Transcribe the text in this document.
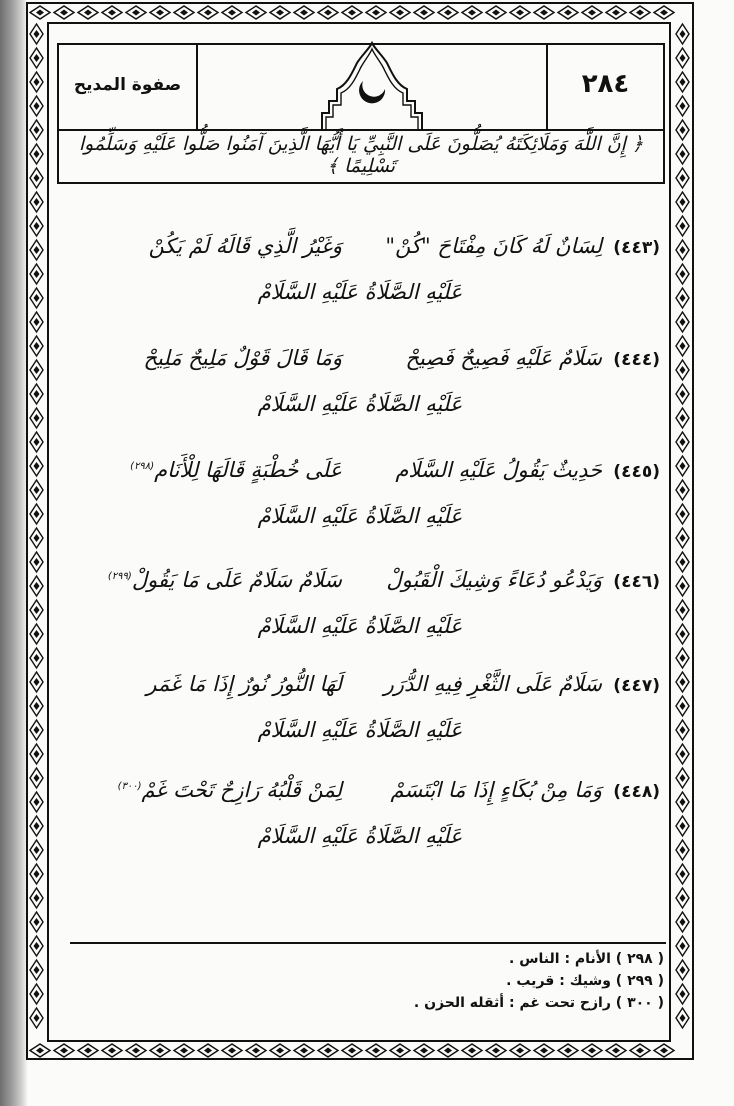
صفوة المديح	٢٨٤
﴿ إِنَّ اللَّهَ وَمَلَائِكَتَهُ يُصَلُّونَ عَلَى النَّبِيِّ يَا أَيُّهَا الَّذِينَ آمَنُوا صَلُّوا عَلَيْهِ وَسَلِّمُوا تَسْلِيمًا ﴾
(٤٤٣)
لِسَانٌ لَهُ كَانَ مِفْتَاحَ "كُنْ"
وَغَيْرُ الَّذِي قَالَهُ لَمْ يَكُنْ
عَلَيْهِ الصَّلَاةُ عَلَيْهِ السَّلَامْ
(٤٤٤)
سَلَامٌ عَلَيْهِ فَصِيحٌ فَصِيحْ
وَمَا قَالَ قَوْلٌ مَلِيحٌ مَلِيحْ
عَلَيْهِ الصَّلَاةُ عَلَيْهِ السَّلَامْ
(٤٤٥)
حَدِيثٌ يَقُولُ عَلَيْهِ السَّلَام
عَلَى خُطْبَةٍ قَالَهَا لِلْأَنَام$^{(٢٩٨)}$
عَلَيْهِ الصَّلَاةُ عَلَيْهِ السَّلَامْ
(٤٤٦)
وَيَدْعُو دُعَاءً وَشِيكَ الْقَبُولْ
سَلَامٌ سَلَامٌ عَلَى مَا يَقُولْ$^{(٢٩٩)}$
عَلَيْهِ الصَّلَاةُ عَلَيْهِ السَّلَامْ
(٤٤٧)
سَلَامٌ عَلَى الثَّغْرِ فِيهِ الدُّرَر
لَهَا النُّورُ نُورٌ إِذَا مَا غَمَر
عَلَيْهِ الصَّلَاةُ عَلَيْهِ السَّلَامْ
(٤٤٨)
وَمَا مِنْ بُكَاءٍ إِذَا مَا ابْتَسَمْ
لِمَنْ قَلْبُهُ رَازِحٌ تَحْتَ غَمْ$^{(٣٠٠)}$
عَلَيْهِ الصَّلَاةُ عَلَيْهِ السَّلَامْ
( ٢٩٨ ) الأنام : الناس .
( ٢٩٩ ) وشيك : قريب .
( ٣٠٠ ) رازح تحت غم : أثقله الحزن .
